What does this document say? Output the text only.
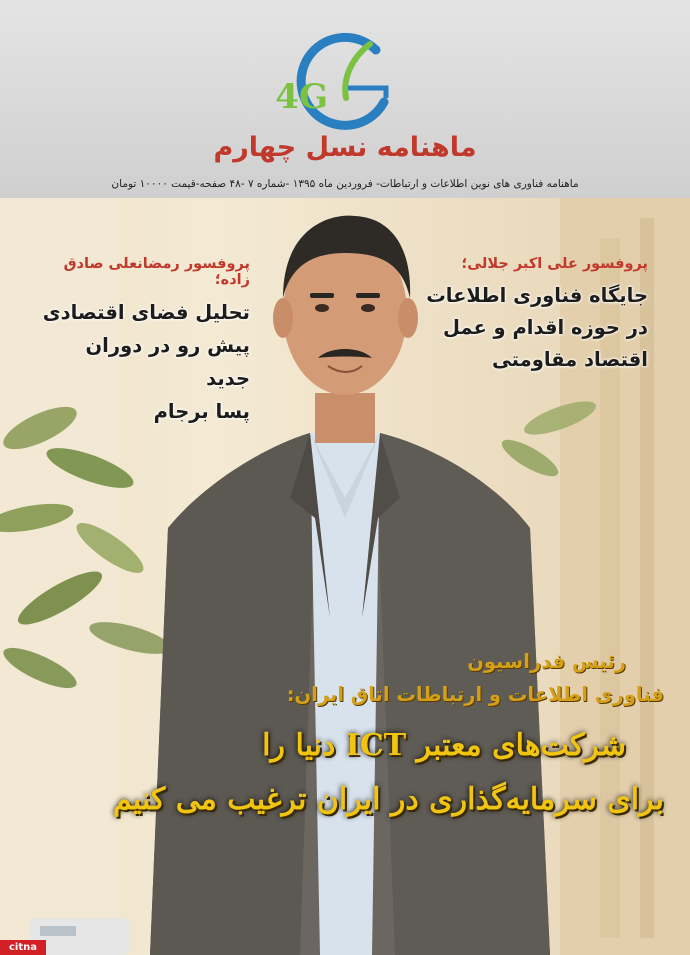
4G
ماهنامه نسل چهارم
ماهنامه فناوری های نوین اطلاعات و ارتباطات- فروردین ماه ۱۳۹۵ -شماره ۷ -۴۸ صفحه-قیمت ۱۰۰۰۰ تومان
پروفسور علی اکبر جلالی؛
جایگاه فناوری اطلاعات
در حوزه اقدام و عمل
اقتصاد مقاومتی
پروفسور رمضانعلی صادق زاده؛
تحلیل فضای اقتصادی
پیش رو در دوران جدید
پسا برجام
رئیس فدراسیون
فناوری اطلاعات و ارتباطات اتاق ایران:
شرکت‌های معتبر ICT دنیا را
برای سرمایه‌گذاری در ایران ترغیب می کنیم
citna
